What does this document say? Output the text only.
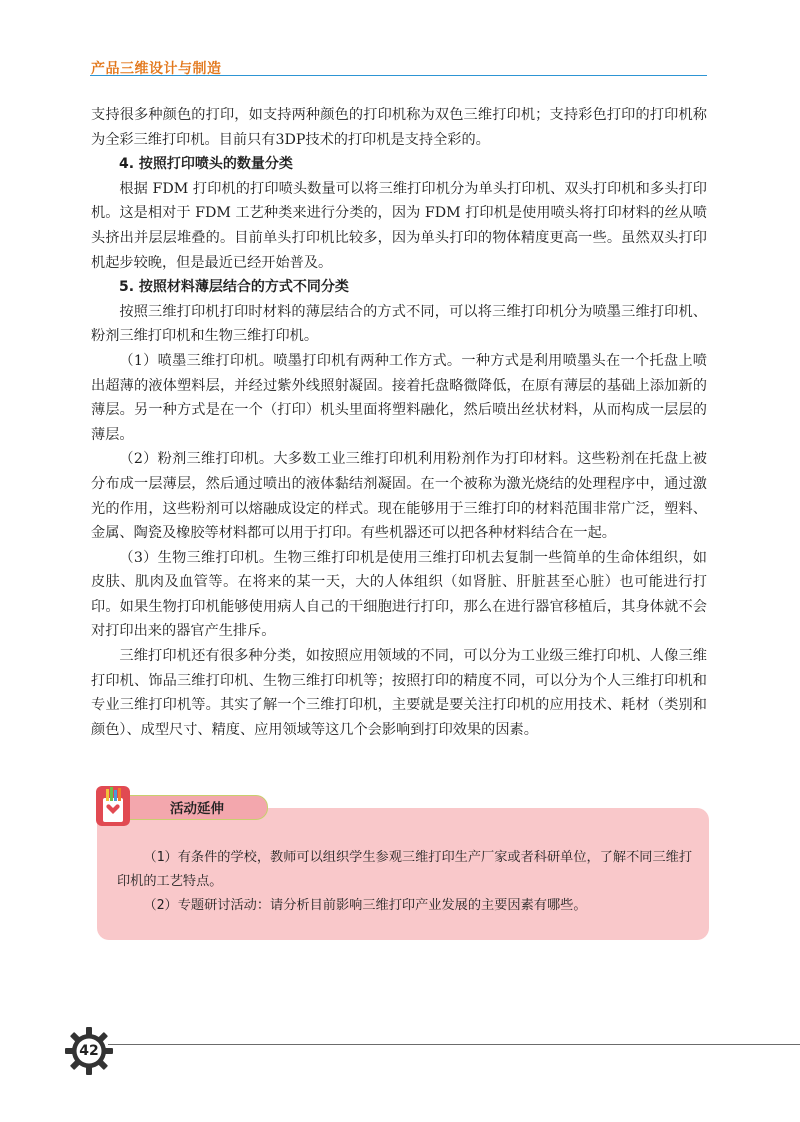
产品三维设计与制造

支持很多种颜色的打印，如支持两种颜色的打印机称为双色三维打印机；支持彩色打印的打印机称为全彩三维打印机。目前只有3DP技术的打印机是支持全彩的。

4. 按照打印喷头的数量分类

根据 FDM 打印机的打印喷头数量可以将三维打印机分为单头打印机、双头打印机和多头打印机。这是相对于 FDM 工艺种类来进行分类的，因为 FDM 打印机是使用喷头将打印材料的丝从喷头挤出并层层堆叠的。目前单头打印机比较多，因为单头打印的物体精度更高一些。虽然双头打印机起步较晚，但是最近已经开始普及。

5. 按照材料薄层结合的方式不同分类

按照三维打印机打印时材料的薄层结合的方式不同，可以将三维打印机分为喷墨三维打印机、粉剂三维打印机和生物三维打印机。

（1）喷墨三维打印机。喷墨打印机有两种工作方式。一种方式是利用喷墨头在一个托盘上喷出超薄的液体塑料层，并经过紫外线照射凝固。接着托盘略微降低，在原有薄层的基础上添加新的薄层。另一种方式是在一个（打印）机头里面将塑料融化，然后喷出丝状材料，从而构成一层层的薄层。

（2）粉剂三维打印机。大多数工业三维打印机利用粉剂作为打印材料。这些粉剂在托盘上被分布成一层薄层，然后通过喷出的液体黏结剂凝固。在一个被称为激光烧结的处理程序中，通过激光的作用，这些粉剂可以熔融成设定的样式。现在能够用于三维打印的材料范围非常广泛，塑料、金属、陶瓷及橡胶等材料都可以用于打印。有些机器还可以把各种材料结合在一起。

（3）生物三维打印机。生物三维打印机是使用三维打印机去复制一些简单的生命体组织，如皮肤、肌肉及血管等。在将来的某一天，大的人体组织（如肾脏、肝脏甚至心脏）也可能进行打印。如果生物打印机能够使用病人自己的干细胞进行打印，那么在进行器官移植后，其身体就不会对打印出来的器官产生排斥。

三维打印机还有很多种分类，如按照应用领域的不同，可以分为工业级三维打印机、人像三维打印机、饰品三维打印机、生物三维打印机等；按照打印的精度不同，可以分为个人三维打印机和专业三维打印机等。其实了解一个三维打印机，主要就是要关注打印机的应用技术、耗材（类别和颜色）、成型尺寸、精度、应用领域等这几个会影响到打印效果的因素。

活动延伸

（1）有条件的学校，教师可以组织学生参观三维打印生产厂家或者科研单位，了解不同三维打印机的工艺特点。

（2）专题研讨活动：请分析目前影响三维打印产业发展的主要因素有哪些。

42
